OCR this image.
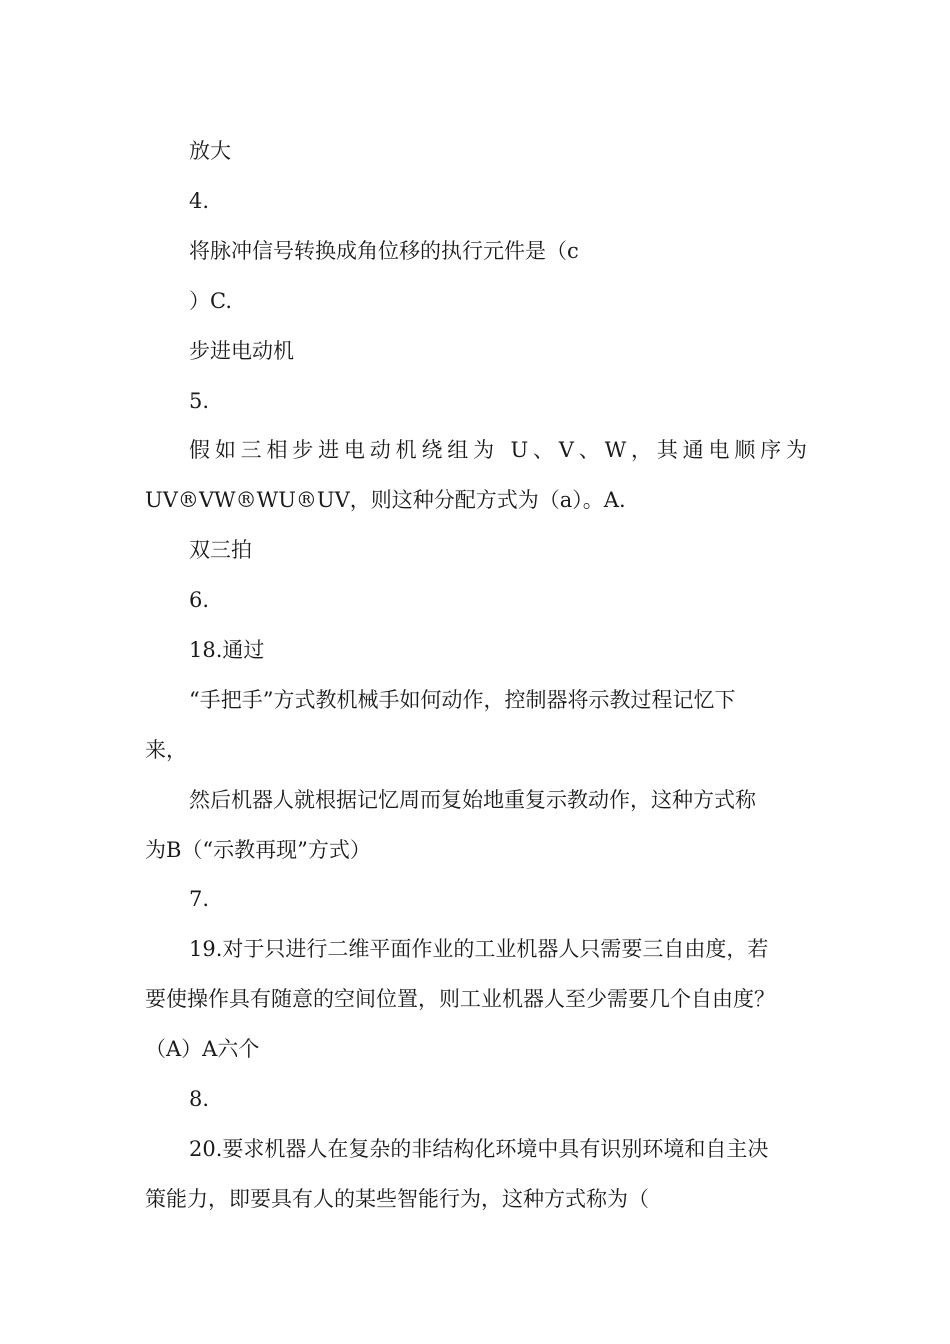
放大
4.
将脉冲信号转换成角位移的执行元件是（c
）C.
步进电动机
5.
假如三相步进电动机绕组为 U、V、W，其通电顺序为
UV®VW®WU®UV，则这种分配方式为（a）。A.
双三拍
6.
18.通过
“手把手”方式教机械手如何动作，控制器将示教过程记忆下
来，
然后机器人就根据记忆周而复始地重复示教动作，这种方式称
为B（“示教再现”方式）
7.
19.对于只进行二维平面作业的工业机器人只需要三自由度，若
要使操作具有随意的空间位置，则工业机器人至少需要几个自由度？
（A）A六个
8.
20.要求机器人在复杂的非结构化环境中具有识别环境和自主决
策能力，即要具有人的某些智能行为，这种方式称为（
